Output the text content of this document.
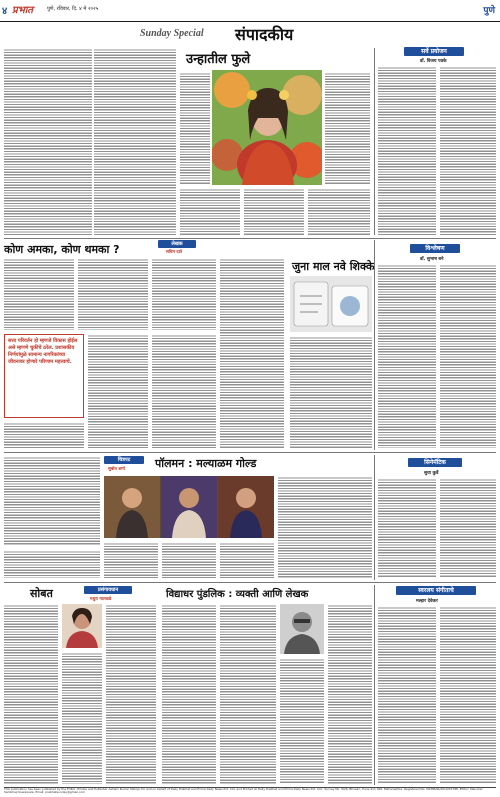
४ प्रभात	पुणे, रविवार, दि. ४ मे २०२५	पुणे
Sunday Special संपादकीय
उन्हातील फुले
सर्वे प्रयोजन
डॉ. विजय पत्रके
कोण अमका, कोण थमका ?	लेखक
सचिन दाते
सत्ता परिवर्तन हो म्हणजे विकास होईल असे म्हणणे चुकीचे ठरेल. प्रशासकीय निर्णयांमुळे सामान्य नागरिकांच्या जीवनावर होणारे परिणाम महत्त्वाचे.
जुना माल नवे शिक्के
विश्लेषण
डॉ. सुभाष बने
पॉलमन : मल्याळम गोल्ड
चित्रपट
सुबोध शर्मा
सिनेमॅटिक
सुधा कुर्डे
प्रसंगावधान
मधुरा मालवळे
सोबत	विद्याधर पुंडलिक : व्यक्ती आणि लेखक	स्वरलय संगीताचे
मल्हार देवेकर
This publication has been published by the Editor, Printer and Publisher Ashwin Kumar Sikkoju for and on behalf of Daily Prabhat and Prima Daily News Pvt. Ltd. and Printed at Daily Prabhat and Prima Daily News Pvt. Ltd., Survey No. 59/6, Bhosari, Pune-411 026, Maharashtra. Registered No. MAHMAR/2010/32788. Editor: Manohar Sambhaji Kuwarpale. Email: prabhatsunday@gmail.com
